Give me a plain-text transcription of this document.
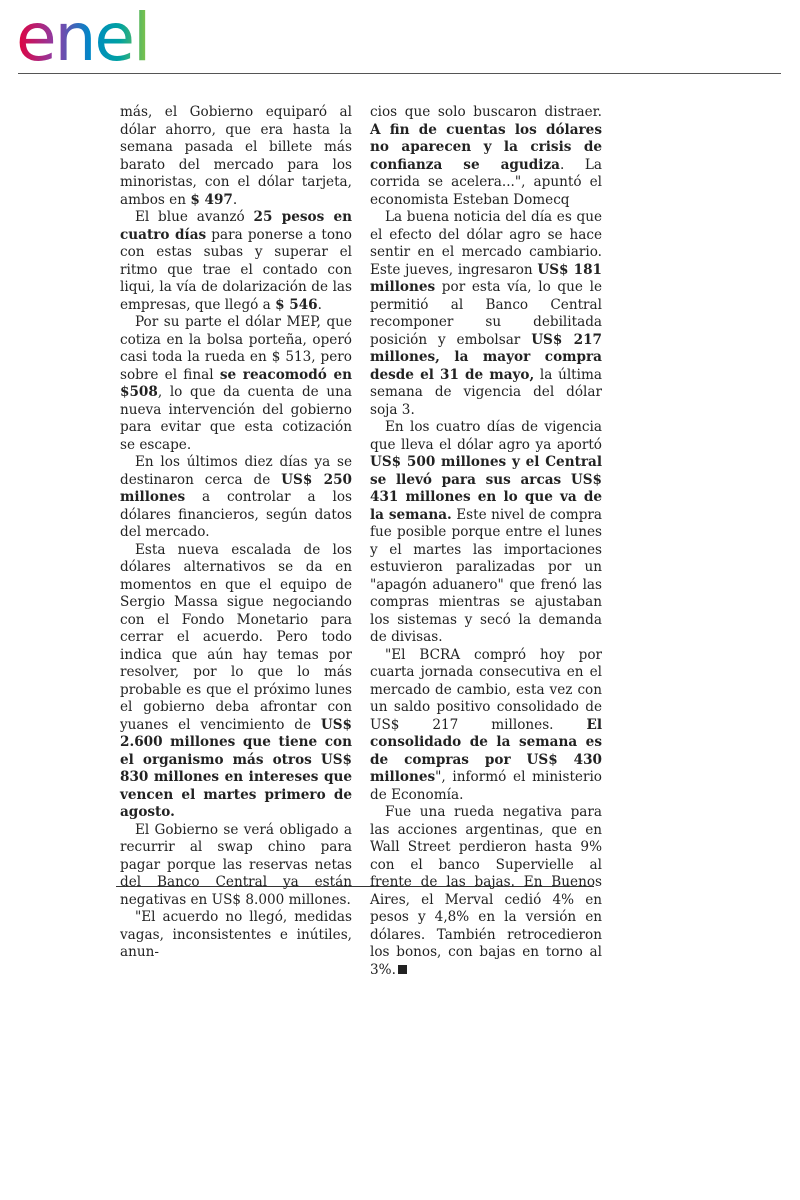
enel

más, el Gobierno equiparó al dólar ahorro, que era hasta la semana pasada el billete más barato del mercado para los minoristas, con el dólar tarjeta, ambos en $ 497.

El blue avanzó 25 pesos en cuatro días para ponerse a tono con estas subas y superar el ritmo que trae el contado con liqui, la vía de dolarización de las empresas, que llegó a $ 546.

Por su parte el dólar MEP, que cotiza en la bolsa porteña, operó casi toda la rueda en $ 513, pero sobre el final se reacomodó en $508, lo que da cuenta de una nueva intervención del gobierno para evitar que esta cotización se escape.

En los últimos diez días ya se destinaron cerca de US$ 250 millones a controlar a los dólares financieros, según datos del mercado.

Esta nueva escalada de los dólares alternativos se da en momentos en que el equipo de Sergio Massa sigue negociando con el Fondo Monetario para cerrar el acuerdo. Pero todo indica que aún hay temas por resolver, por lo que lo más probable es que el próximo lunes el gobierno deba afrontar con yuanes el vencimiento de US$ 2.600 millones que tiene con el organismo más otros US$ 830 millones en intereses que vencen el martes primero de agosto.

El Gobierno se verá obligado a recurrir al swap chino para pagar porque las reservas netas del Banco Central ya están negativas en US$ 8.000 millones.

"El acuerdo no llegó, medidas vagas, inconsistentes e inútiles, anun-

cios que solo buscaron distraer. A fin de cuentas los dólares no aparecen y la crisis de confianza se agudiza. La corrida se acelera...", apuntó el economista Esteban Domecq

La buena noticia del día es que el efecto del dólar agro se hace sentir en el mercado cambiario. Este jueves, ingresaron US$ 181 millones por esta vía, lo que le permitió al Banco Central recomponer su debilitada posición y embolsar US$ 217 millones, la mayor compra desde el 31 de mayo, la última semana de vigencia del dólar soja 3.

En los cuatro días de vigencia que lleva el dólar agro ya aportó US$ 500 millones y el Central se llevó para sus arcas US$ 431 millones en lo que va de la semana. Este nivel de compra fue posible porque entre el lunes y el martes las importaciones estuvieron paralizadas por un "apagón aduanero" que frenó las compras mientras se ajustaban los sistemas y secó la demanda de divisas.

"El BCRA compró hoy por cuarta jornada consecutiva en el mercado de cambio, esta vez con un saldo positivo consolidado de US$ 217 millones. El consolidado de la semana es de compras por US$ 430 millones", informó el ministerio de Economía.

Fue una rueda negativa para las acciones argentinas, que en Wall Street perdieron hasta 9% con el banco Supervielle al frente de las bajas. En Buenos Aires, el Merval cedió 4% en pesos y 4,8% en la versión en dólares. También retrocedieron los bonos, con bajas en torno al 3%.
